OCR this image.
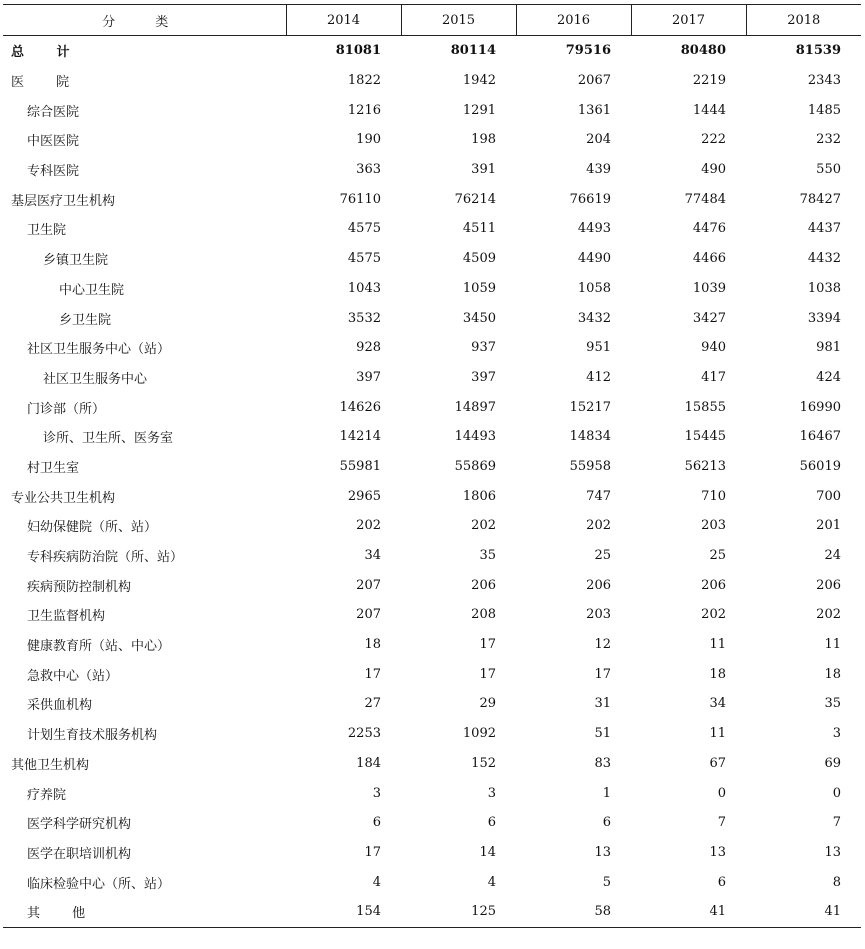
分 类	2014	2015	2016	2017	2018
总 计	81081	80114	79516	80480	81539
医 院	1822	1942	2067	2219	2343
综合医院	1216	1291	1361	1444	1485
中医医院	190	198	204	222	232
专科医院	363	391	439	490	550
基层医疗卫生机构	76110	76214	76619	77484	78427
卫生院	4575	4511	4493	4476	4437
乡镇卫生院	4575	4509	4490	4466	4432
中心卫生院	1043	1059	1058	1039	1038
乡卫生院	3532	3450	3432	3427	3394
社区卫生服务中心（站）	928	937	951	940	981
社区卫生服务中心	397	397	412	417	424
门诊部（所）	14626	14897	15217	15855	16990
诊所、卫生所、医务室	14214	14493	14834	15445	16467
村卫生室	55981	55869	55958	56213	56019
专业公共卫生机构	2965	1806	747	710	700
妇幼保健院（所、站）	202	202	202	203	201
专科疾病防治院（所、站）	34	35	25	25	24
疾病预防控制机构	207	206	206	206	206
卫生监督机构	207	208	203	202	202
健康教育所（站、中心）	18	17	12	11	11
急救中心（站）	17	17	17	18	18
采供血机构	27	29	31	34	35
计划生育技术服务机构	2253	1092	51	11	3
其他卫生机构	184	152	83	67	69
疗养院	3	3	1	0	0
医学科学研究机构	6	6	6	7	7
医学在职培训机构	17	14	13	13	13
临床检验中心（所、站）	4	4	5	6	8
其 他	154	125	58	41	41
